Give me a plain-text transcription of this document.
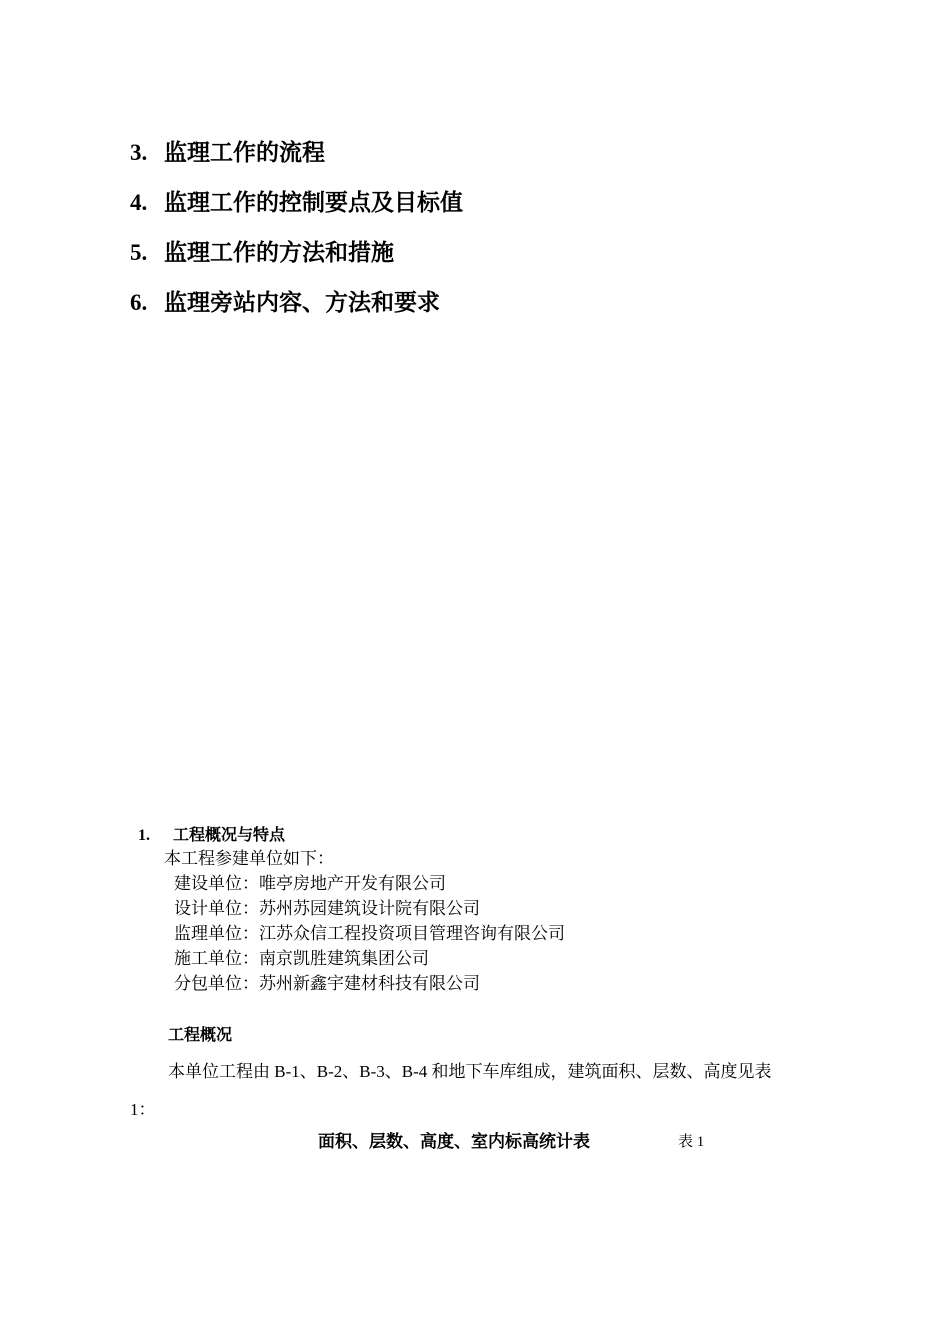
3. 监理工作的流程
4. 监理工作的控制要点及目标值
5. 监理工作的方法和措施
6. 监理旁站内容、方法和要求
1. 工程概况与特点
本工程参建单位如下：
建设单位：唯亭房地产开发有限公司
设计单位：苏州苏园建筑设计院有限公司
监理单位：江苏众信工程投资项目管理咨询有限公司
施工单位：南京凯胜建筑集团公司
分包单位：苏州新鑫宇建材科技有限公司
工程概况
本单位工程由 B-1、B-2、B-3、B-4 和地下车库组成，建筑面积、层数、高度见表 1：
面积、层数、高度、室内标高统计表	表 1
